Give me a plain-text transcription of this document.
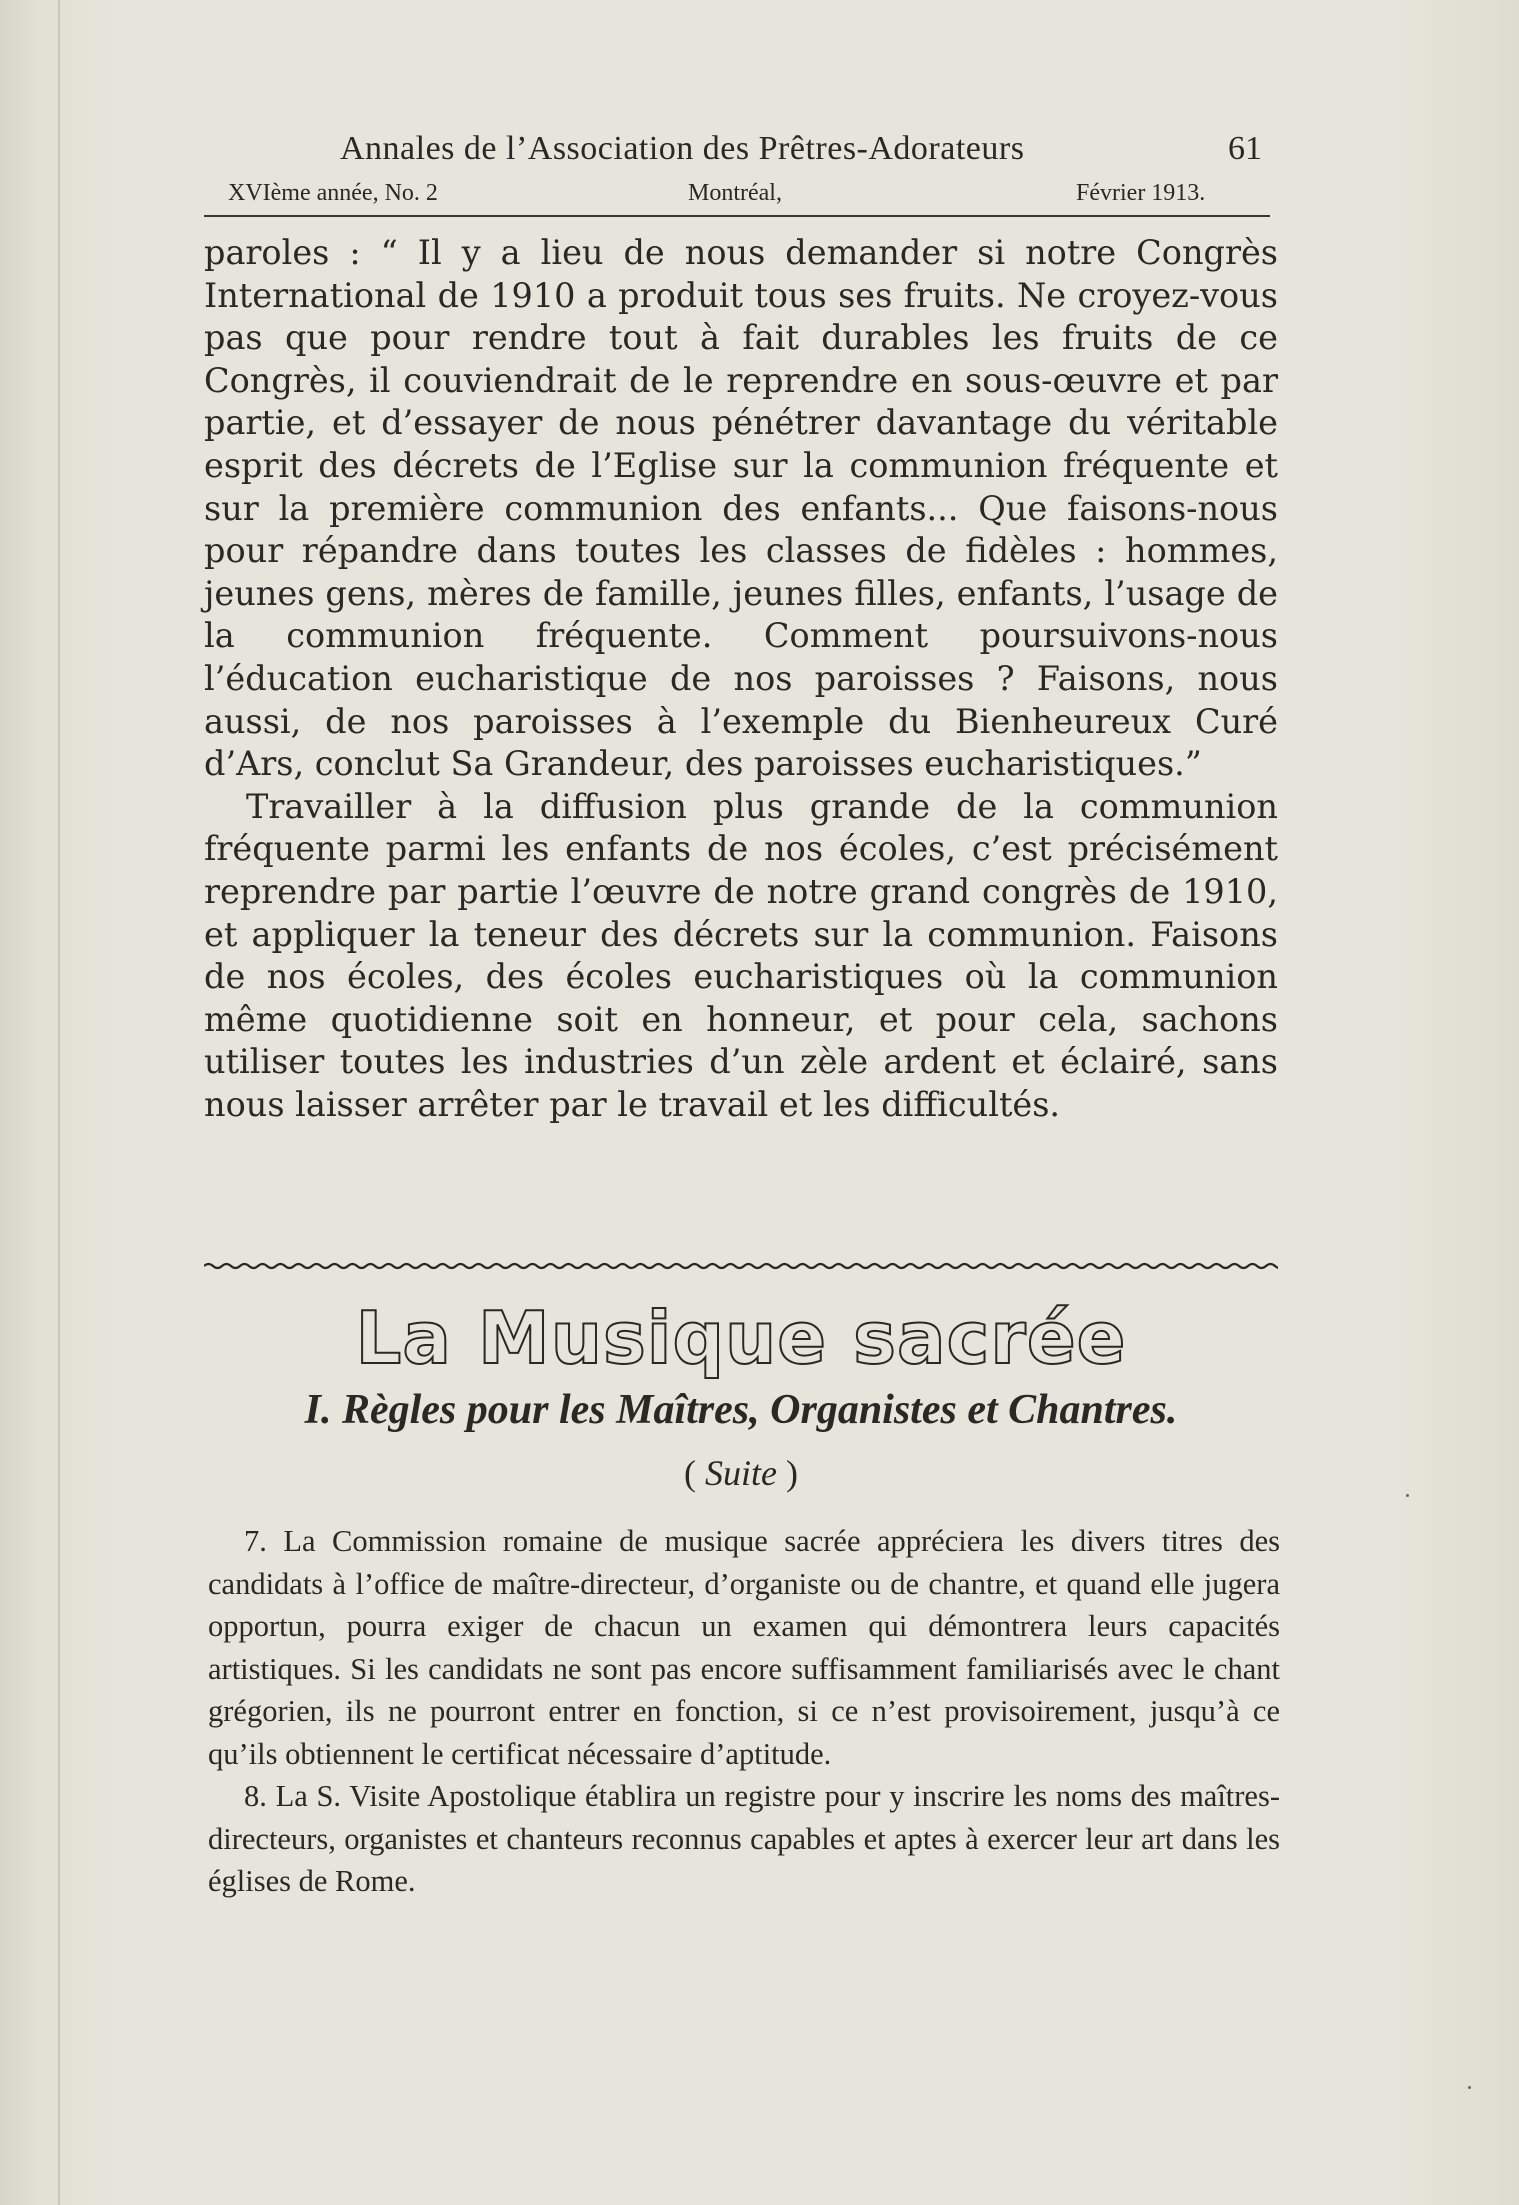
Annales de l’Association des Prêtres-Adorateurs	61
XVIème année, No. 2	Montréal,	Février 1913.

paroles : “ Il y a lieu de nous demander si notre Congrès International de 1910 a produit tous ses fruits. Ne croyez-vous pas que pour rendre tout à fait durables les fruits de ce Congrès, il couviendrait de le reprendre en sous-œuvre et par partie, et d’essayer de nous pénétrer davantage du véritable esprit des décrets de l’Eglise sur la communion fréquente et sur la première communion des enfants... Que faisons-nous pour répandre dans toutes les classes de fidèles : hommes, jeunes gens, mères de famille, jeunes filles, enfants, l’usage de la communion fréquente. Comment poursuivons-nous l’éducation eucharistique de nos paroisses ? Faisons, nous aussi, de nos paroisses à l’exemple du Bienheureux Curé d’Ars, conclut Sa Grandeur, des paroisses eucharistiques.”

Travailler à la diffusion plus grande de la communion fréquente parmi les enfants de nos écoles, c’est précisément reprendre par partie l’œuvre de notre grand congrès de 1910, et appliquer la teneur des décrets sur la communion. Faisons de nos écoles, des écoles eucharistiques où la communion même quotidienne soit en honneur, et pour cela, sachons utiliser toutes les industries d’un zèle ardent et éclairé, sans nous laisser arrêter par le travail et les difficultés.

La Musique sacrée
I. Règles pour les Maîtres, Organistes et Chantres.
( Suite )

7. La Commission romaine de musique sacrée appréciera les divers titres des candidats à l’office de maître-directeur, d’organiste ou de chantre, et quand elle jugera opportun, pourra exiger de chacun un examen qui démontrera leurs capacités artistiques. Si les candidats ne sont pas encore suffisamment familiarisés avec le chant grégorien, ils ne pourront entrer en fonction, si ce n’est provisoirement, jusqu’à ce qu’ils obtiennent le certificat nécessaire d’aptitude.

8. La S. Visite Apostolique établira un registre pour y inscrire les noms des maîtres-directeurs, organistes et chanteurs reconnus capables et aptes à exercer leur art dans les églises de Rome.
